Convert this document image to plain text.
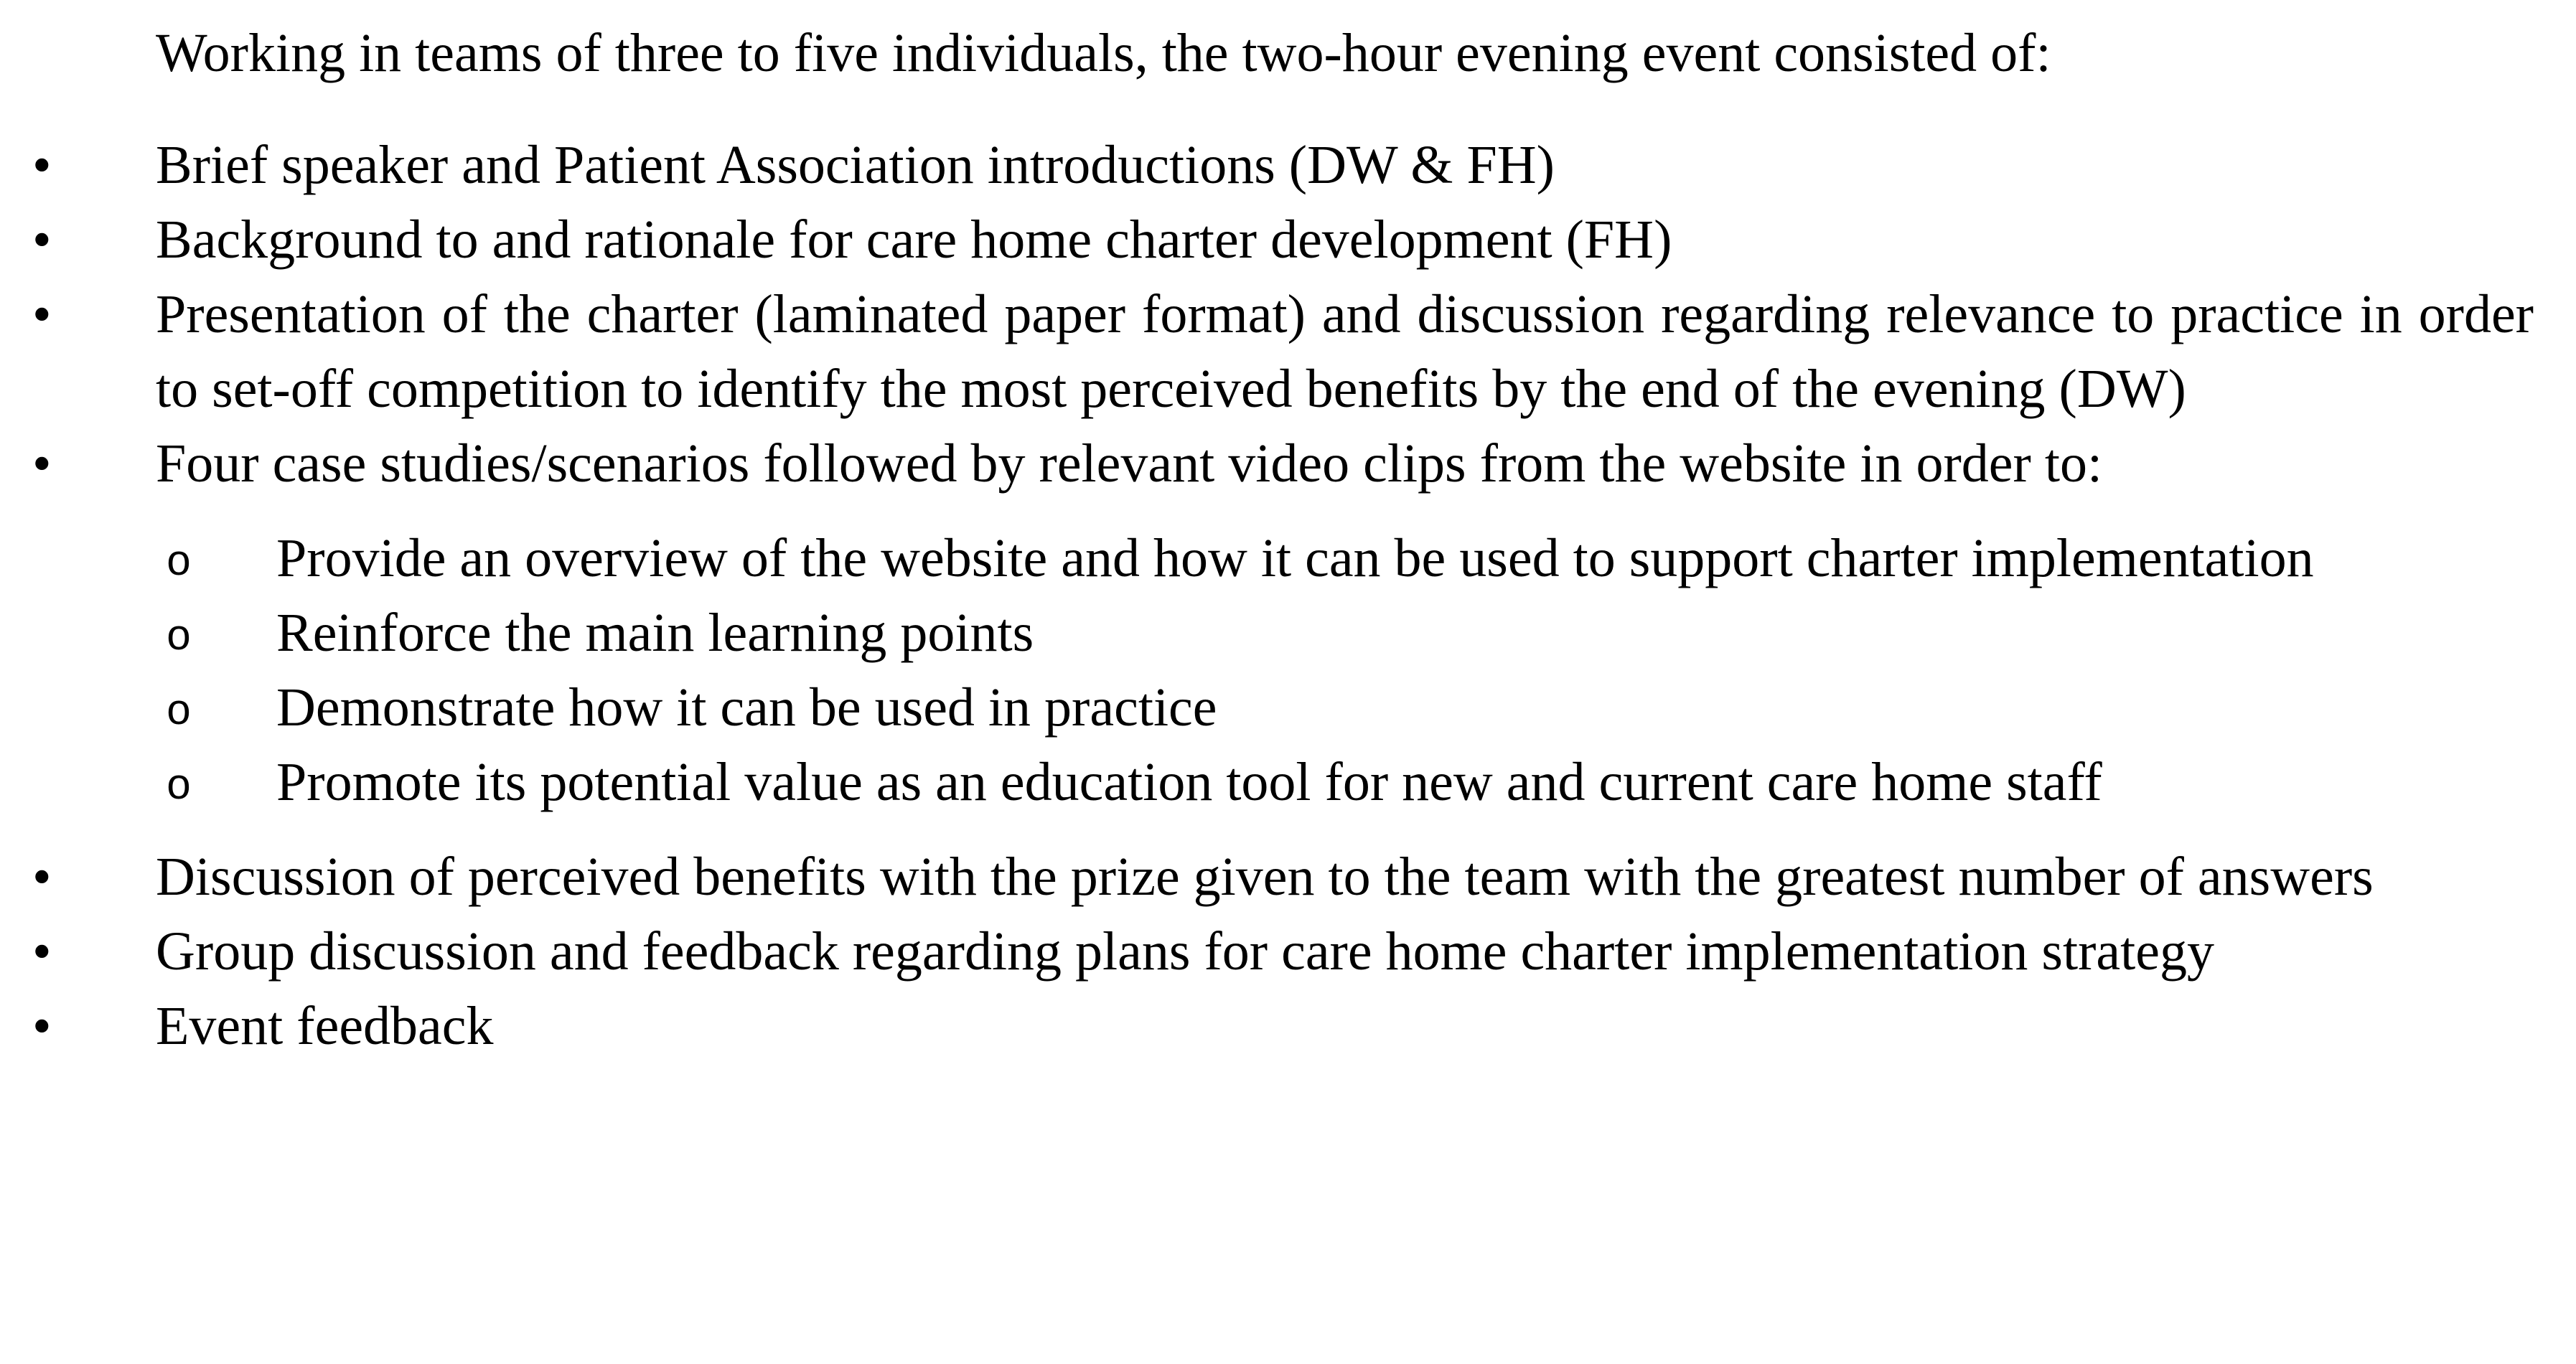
Working in teams of three to five individuals, the two-hour evening event consisted of:

• Brief speaker and Patient Association introductions (DW & FH)
• Background to and rationale for care home charter development (FH)
• Presentation of the charter (laminated paper format) and discussion regarding relevance to practice in order to set-off competition to identify the most perceived benefits by the end of the evening (DW)
• Four case studies/scenarios followed by relevant video clips from the website in order to:
o Provide an overview of the website and how it can be used to support charter implementation
o Reinforce the main learning points
o Demonstrate how it can be used in practice
o Promote its potential value as an education tool for new and current care home staff
• Discussion of perceived benefits with the prize given to the team with the greatest number of answers
• Group discussion and feedback regarding plans for care home charter implementation strategy
• Event feedback
